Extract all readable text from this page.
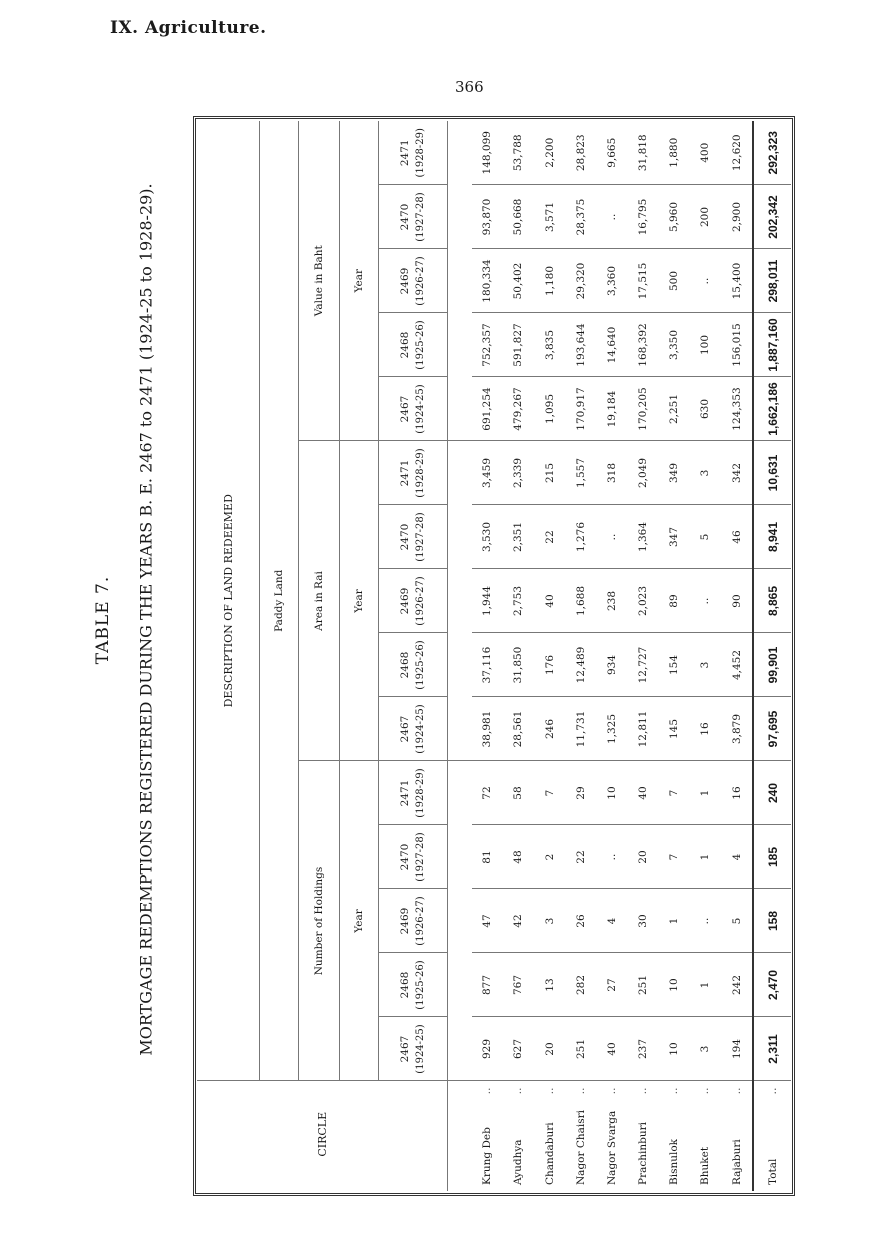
IX. Agriculture.
366
TABLE 7. MORTGAGE REDEMPTIONS REGISTERED DURING THE YEARS B. E. 2467 to 2471 (1924-25 to 1928-29).
CIRCLE	DESCRIPTION OF LAND REDEEMED														
	Paddy Land														
	Number of Holdings					Area in Rai					Value in Baht				
	Year					Year					Year				

	2467 (1924-25)	2468 (1925-26)	2469 (1926-27)	2470 (1927-28)	2471 (1928-29)	2467 (1924-25)	2468 (1925-26)	2469 (1926-27)	2470 (1927-28)	2471 (1928-29)	2467 (1924-25)	2468 (1925-26)	2469 (1926-27)	2470 (1927-28)	2471 (1928-29)

Krung Deb
..	929	877	47	81	72	38,981	37,116	1,944	3,530	3,459	691,254	752,357	180,334	93,870	148,099
Ayudhya
..	627	767	42	48	58	28,561	31,850	2,753	2,351	2,339	479,267	591,827	50,402	50,668	53,788
Chandaburi
..	20	13	3	2	7	246	176	40	22	215	1,095	3,835	1,180	3,571	2,200
Nagor Chaisri
..	251	282	26	22	29	11,731	12,489	1,688	1,276	1,557	170,917	193,644	29,320	28,375	28,823
Nagor Svarga
..	40	27	4	..	10	1,325	934	238	..	318	19,184	14,640	3,360	..	9,665
Prachinburi
..	237	251	30	20	40	12,811	12,727	2,023	1,364	2,049	170,205	168,392	17,515	16,795	31,818
Bisnulok
..	10	10	1	7	7	145	154	89	347	349	2,251	3,350	500	5,960	1,880
Bhuket
..	3	1	..	1	1	16	3	..	5	3	630	100	..	200	400
Rajaburi
..	194	242	5	4	16	3,879	4,452	90	46	342	124,353	156,015	15,400	2,900	12,620
Total
..	2,311	2,470	158	185	240	97,695	99,901	8,865	8,941	10,631	1,662,186	1,887,160	298,011	202,342	292,323
